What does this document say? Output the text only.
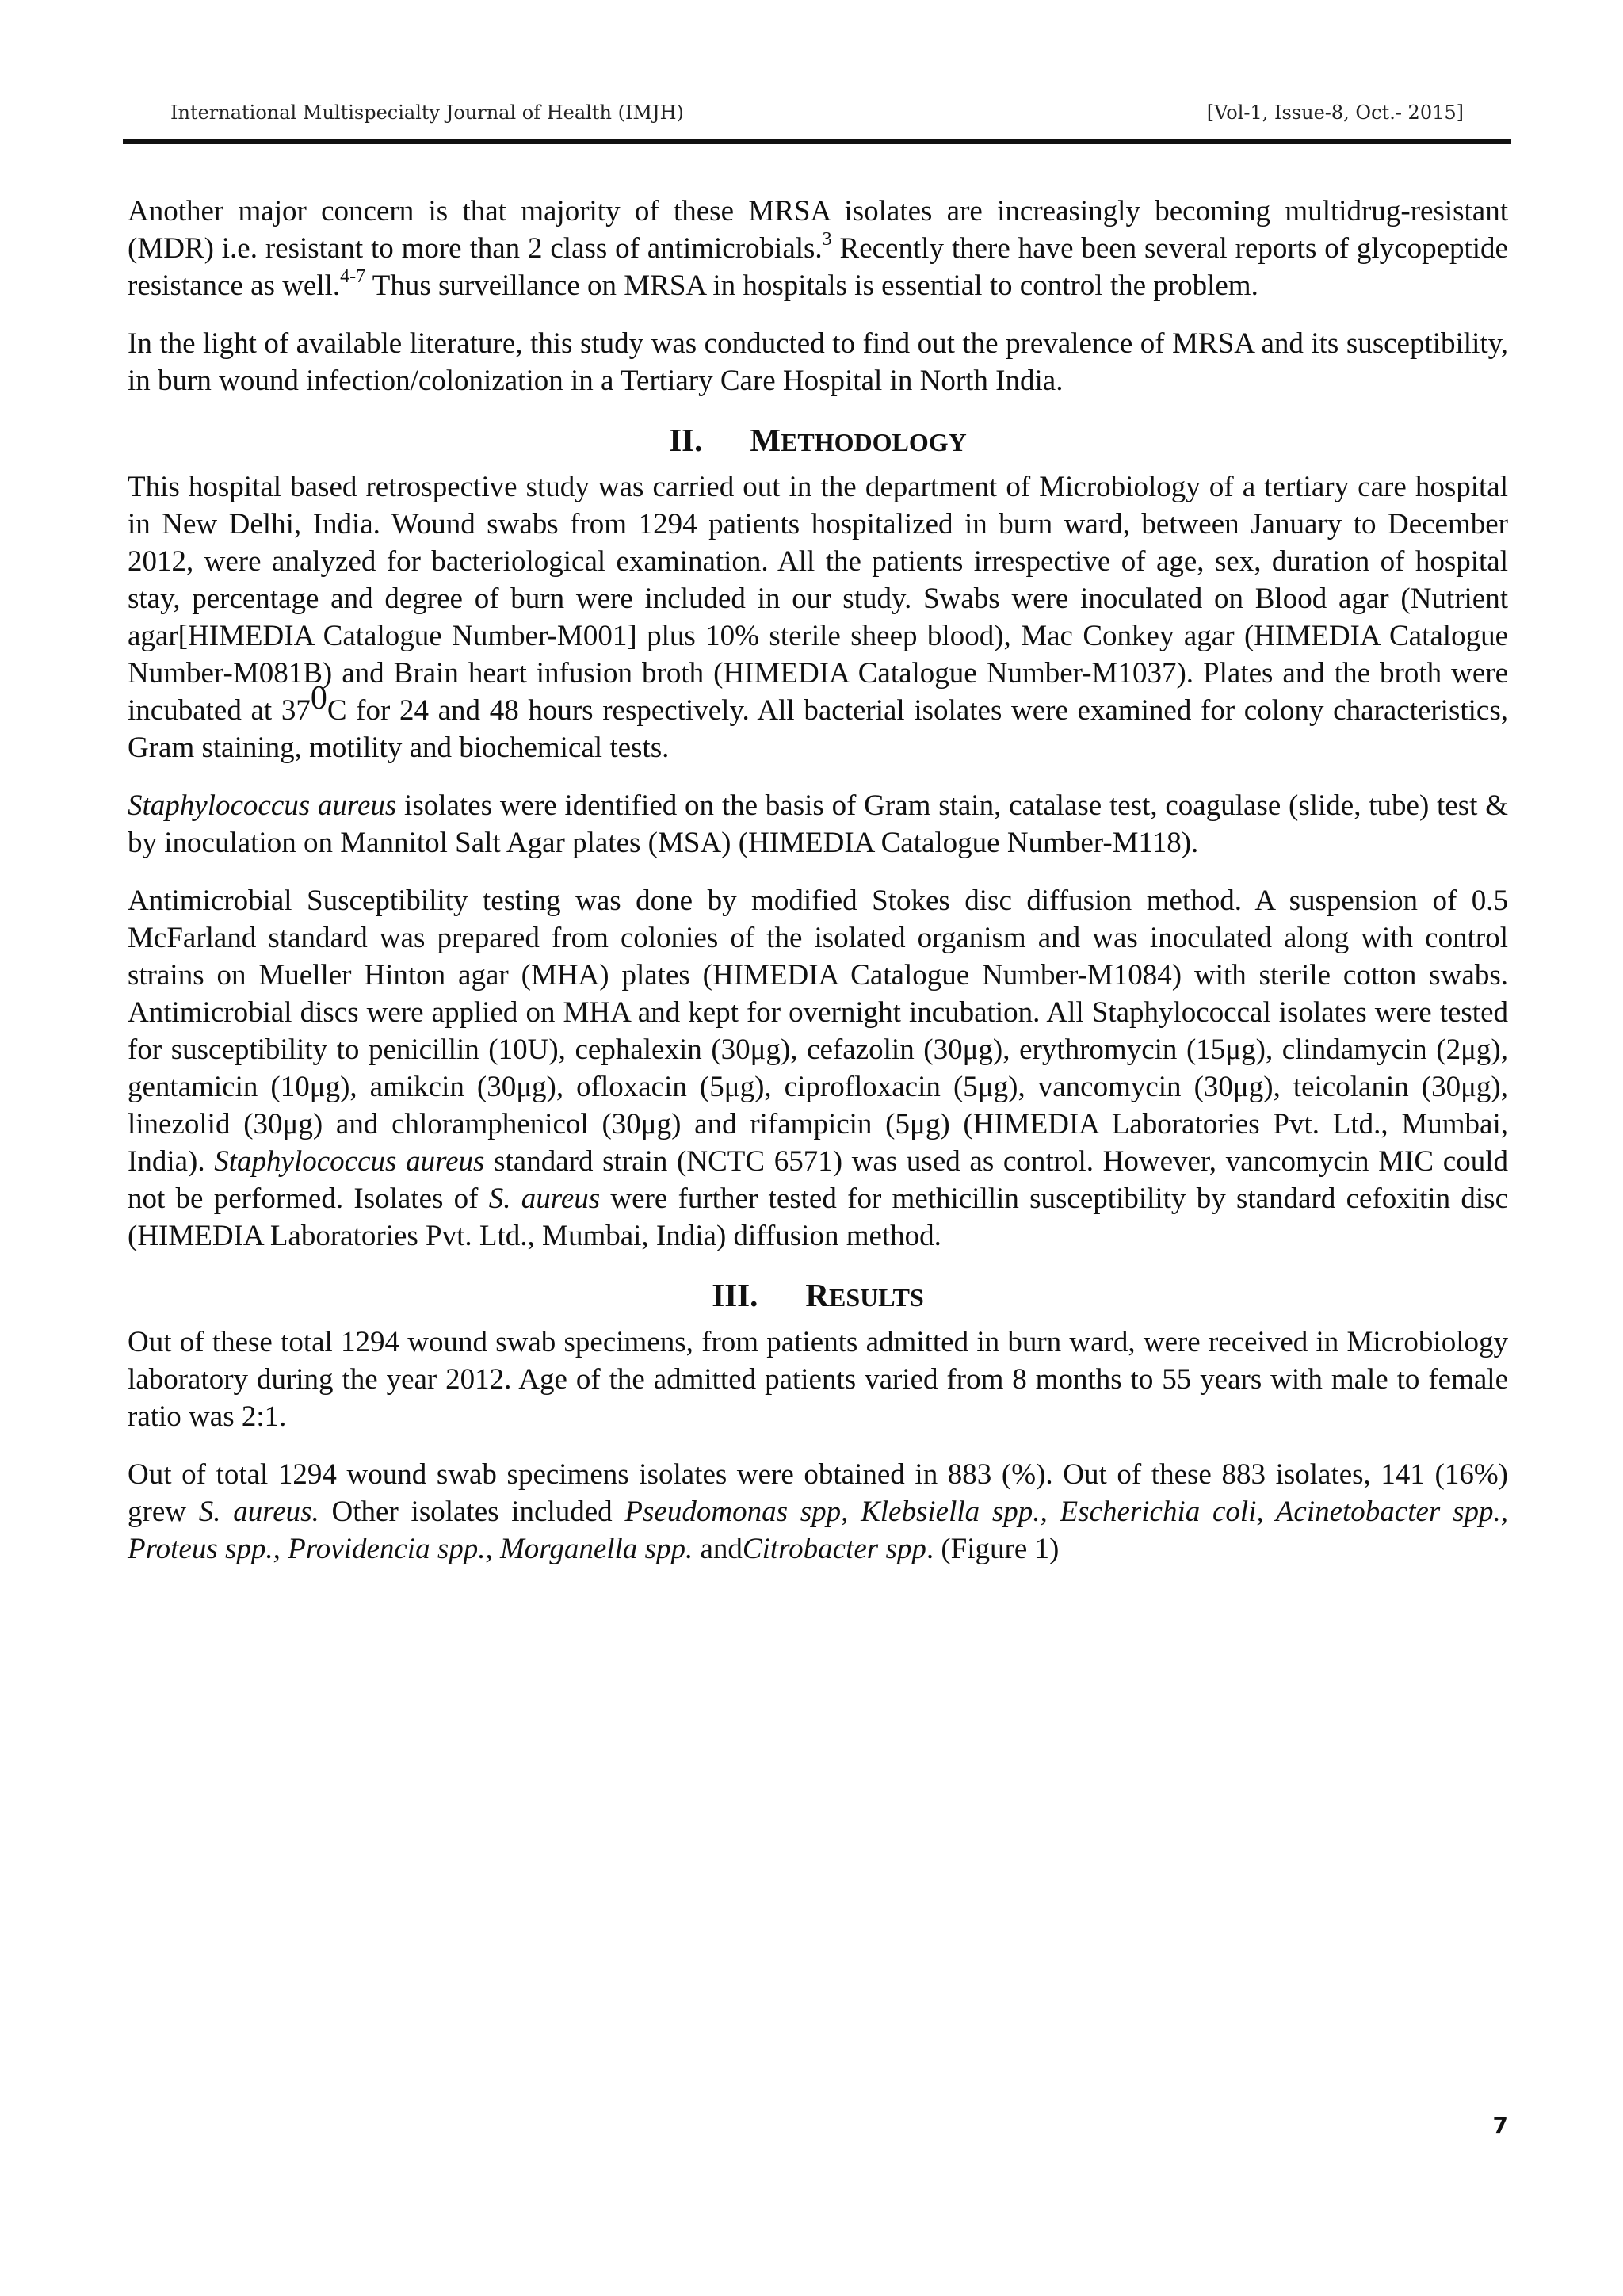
International Multispecialty Journal of Health (IMJH)	[Vol-1, Issue-8, Oct.- 2015]

Another major concern is that majority of these MRSA isolates are increasingly becoming multidrug-resistant (MDR) i.e. resistant to more than 2 class of antimicrobials.$^3$ Recently there have been several reports of glycopeptide resistance as well.$^{4-7}$ Thus surveillance on MRSA in hospitals is essential to control the problem.

In the light of available literature, this study was conducted to find out the prevalence of MRSA and its susceptibility, in burn wound infection/colonization in a Tertiary Care Hospital in North India.

II. METHODOLOGY

This hospital based retrospective study was carried out in the department of Microbiology of a tertiary care hospital in New Delhi, India. Wound swabs from 1294 patients hospitalized in burn ward, between January to December 2012, were analyzed for bacteriological examination. All the patients irrespective of age, sex, duration of hospital stay, percentage and degree of burn were included in our study. Swabs were inoculated on Blood agar (Nutrient agar[HIMEDIA Catalogue Number-M001] plus 10% sterile sheep blood), Mac Conkey agar (HIMEDIA Catalogue Number-M081B) and Brain heart infusion broth (HIMEDIA Catalogue Number-M1037). Plates and the broth were incubated at 370C for 24 and 48 hours respectively. All bacterial isolates were examined for colony characteristics, Gram staining, motility and biochemical tests.

Staphylococcus aureus isolates were identified on the basis of Gram stain, catalase test, coagulase (slide, tube) test & by inoculation on Mannitol Salt Agar plates (MSA) (HIMEDIA Catalogue Number-M118).

Antimicrobial Susceptibility testing was done by modified Stokes disc diffusion method. A suspension of 0.5 McFarland standard was prepared from colonies of the isolated organism and was inoculated along with control strains on Mueller Hinton agar (MHA) plates (HIMEDIA Catalogue Number-M1084) with sterile cotton swabs. Antimicrobial discs were applied on MHA and kept for overnight incubation. All Staphylococcal isolates were tested for susceptibility to penicillin (10U), cephalexin (30μg), cefazolin (30μg), erythromycin (15μg), clindamycin (2μg), gentamicin (10μg), amikcin (30μg), ofloxacin (5μg), ciprofloxacin (5μg), vancomycin (30μg), teicolanin (30μg), linezolid (30μg) and chloramphenicol (30μg) and rifampicin (5μg) (HIMEDIA Laboratories Pvt. Ltd., Mumbai, India). Staphylococcus aureus standard strain (NCTC 6571) was used as control. However, vancomycin MIC could not be performed. Isolates of S. aureus were further tested for methicillin susceptibility by standard cefoxitin disc (HIMEDIA Laboratories Pvt. Ltd., Mumbai, India) diffusion method.

III. RESULTS

Out of these total 1294 wound swab specimens, from patients admitted in burn ward, were received in Microbiology laboratory during the year 2012. Age of the admitted patients varied from 8 months to 55 years with male to female ratio was 2:1.

Out of total 1294 wound swab specimens isolates were obtained in 883 (%). Out of these 883 isolates, 141 (16%) grew S. aureus. Other isolates included Pseudomonas spp, Klebsiella spp., Escherichia coli, Acinetobacter spp., Proteus spp., Providencia spp., Morganella spp. andCitrobacter spp. (Figure 1)

7
